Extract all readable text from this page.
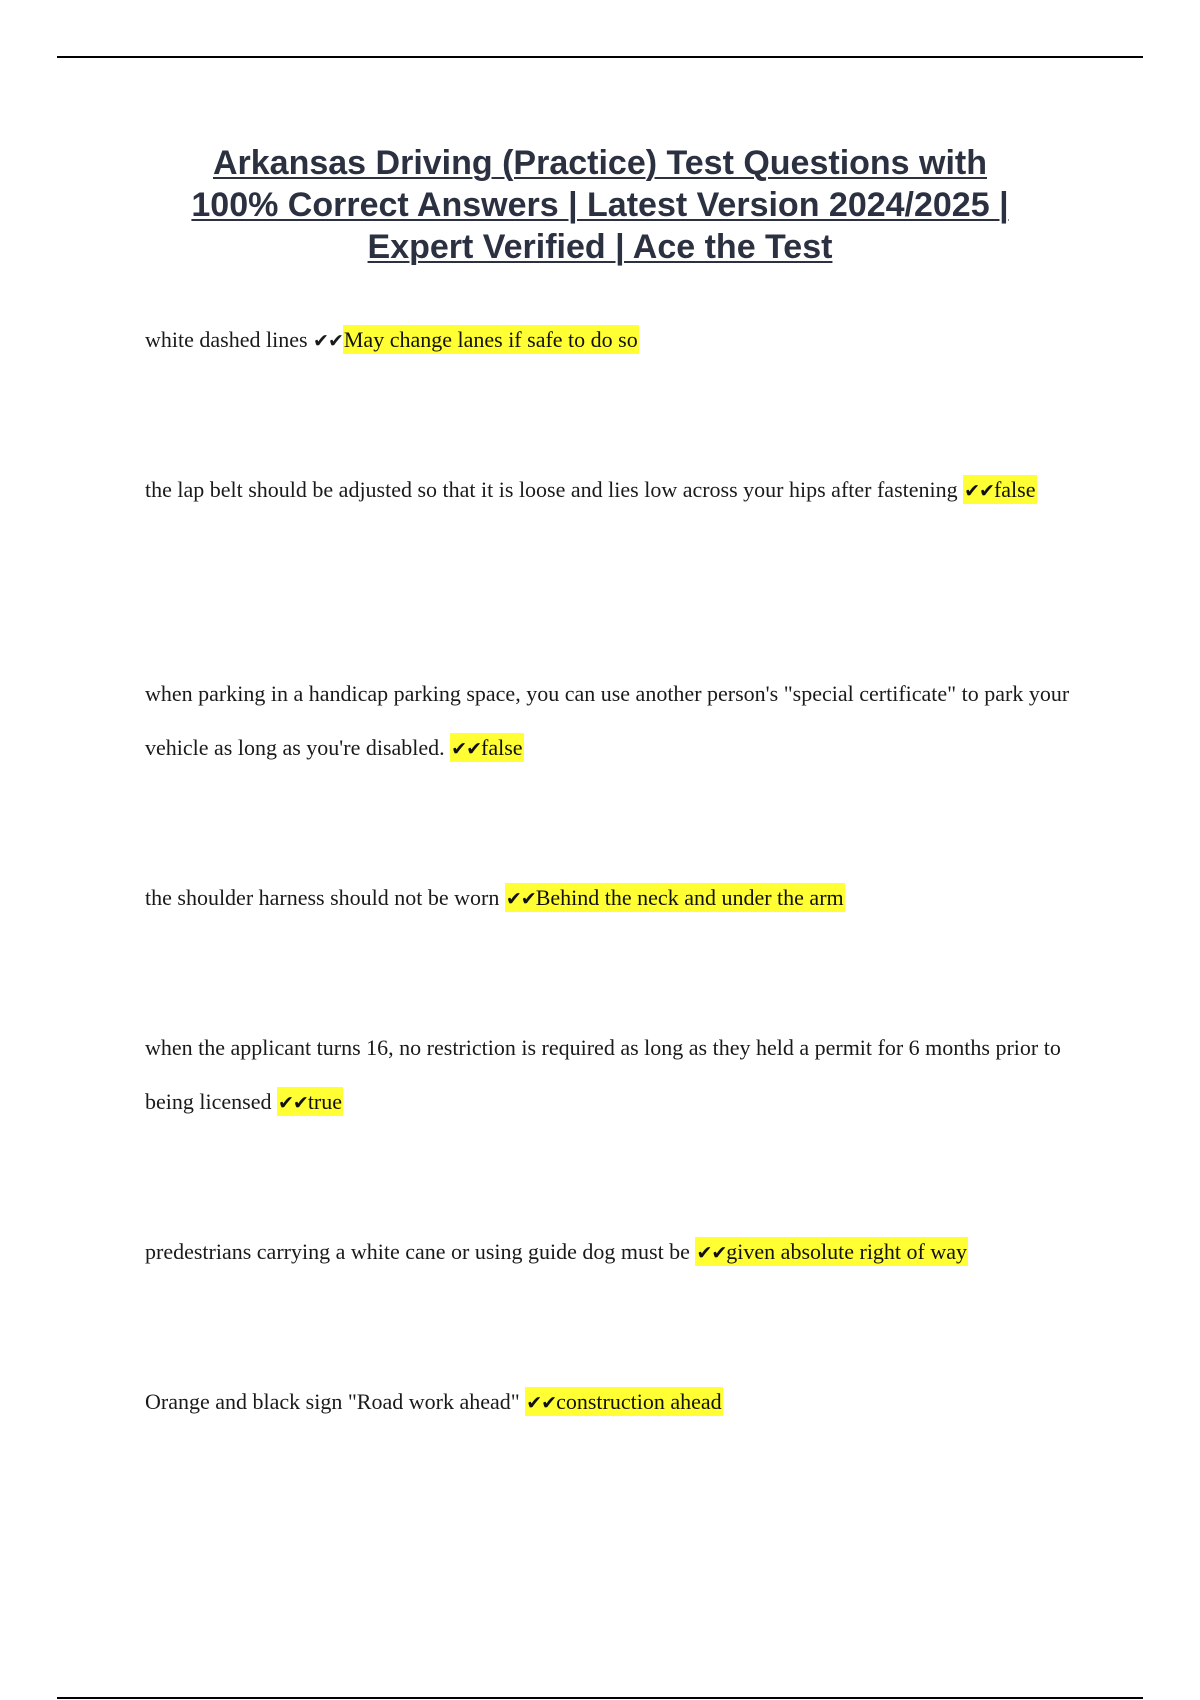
Arkansas Driving (Practice) Test Questions with
100% Correct Answers | Latest Version 2024/2025 |
Expert Verified | Ace the Test

white dashed lines ✔✔May change lanes if safe to do so

the lap belt should be adjusted so that it is loose and lies low across your hips after fastening ✔✔false

when parking in a handicap parking space, you can use another person's "special certificate" to park your vehicle as long as you're disabled. ✔✔false

the shoulder harness should not be worn ✔✔Behind the neck and under the arm

when the applicant turns 16, no restriction is required as long as they held a permit for 6 months prior to being licensed ✔✔true

predestrians carrying a white cane or using guide dog must be ✔✔given absolute right of way

Orange and black sign "Road work ahead" ✔✔construction ahead
